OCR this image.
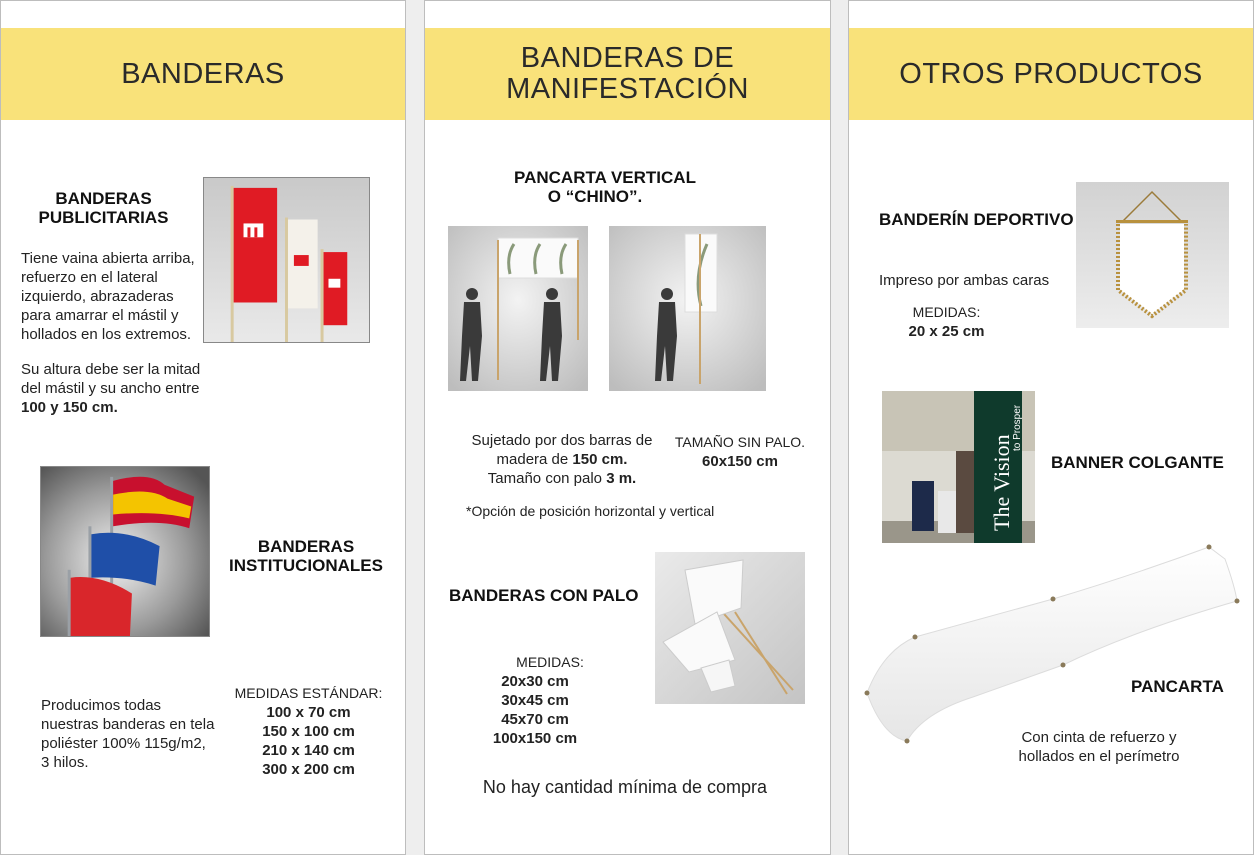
BANDERAS
BANDERAS
PUBLICITARIAS
Tiene vaina abierta arriba,
refuerzo en el lateral
izquierdo, abrazaderas
para amarrar el mástil y
hollados en los extremos.
Su altura debe ser la mitad
del mástil y su ancho entre
100 y 150 cm.
BANDERAS
INSTITUCIONALES
Producimos todas
nuestras banderas en tela
poliéster 100% 115g/m2,
3 hilos.
MEDIDAS ESTÁNDAR:
100 x 70 cm
150 x 100 cm
210 x 140 cm
300 x 200 cm
BANDERAS DE
MANIFESTACIÓN
PANCARTA VERTICAL
O “CHINO”.
Sujetado por dos barras de
madera de 150 cm.
Tamaño con palo 3 m.
TAMAÑO SIN PALO.
60x150 cm
*Opción de posición horizontal y vertical
BANDERAS CON PALO
MEDIDAS:
20x30 cm
30x45 cm
45x70 cm
100x150 cm
No hay cantidad mínima de compra
OTROS PRODUCTOS
BANDERÍN DEPORTIVO
Impreso por ambas caras
MEDIDAS:
20 x 25 cm
The Vision
to Prosper
BANNER COLGANTE
PANCARTA
Con cinta de refuerzo y
hollados en el perímetro
